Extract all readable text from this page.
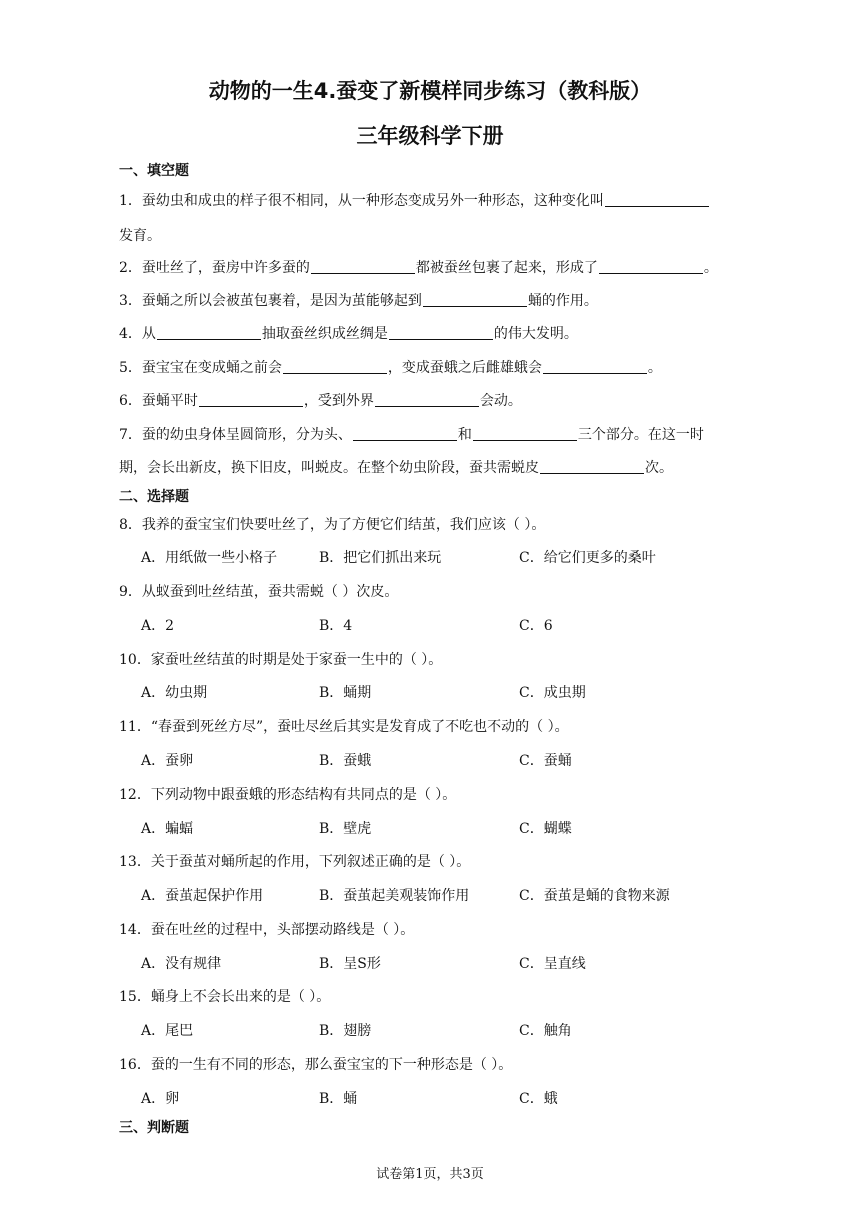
动物的一生4.蚕变了新模样同步练习（教科版）
三年级科学下册
一、填空题
1．蚕幼虫和成虫的样子很不相同，从一种形态变成另外一种形态，这种变化叫
发育。
2．蚕吐丝了，蚕房中许多蚕的	都被蚕丝包裹了起来，形成了	。
3．蚕蛹之所以会被茧包裹着，是因为茧能够起到	蛹的作用。
4．从	抽取蚕丝织成丝绸是	的伟大发明。
5．蚕宝宝在变成蛹之前会	，变成蚕蛾之后雌雄蛾会	。
6．蚕蛹平时	，受到外界	会动。
7．蚕的幼虫身体呈圆筒形，分为头、	和	三个部分。在这一时
期，会长出新皮，换下旧皮，叫蜕皮。在整个幼虫阶段，蚕共需蜕皮	次。
二、选择题
8．我养的蚕宝宝们快要吐丝了，为了方便它们结茧，我们应该（ ）。
A．用纸做一些小格子	B．把它们抓出来玩	C．给它们更多的桑叶
9．从蚁蚕到吐丝结茧，蚕共需蜕（ ）次皮。
A．2	B．4	C．6
10．家蚕吐丝结茧的时期是处于家蚕一生中的（ ）。
A．幼虫期	B．蛹期	C．成虫期
11．“春蚕到死丝方尽”，蚕吐尽丝后其实是发育成了不吃也不动的（ ）。
A．蚕卵	B．蚕蛾	C．蚕蛹
12．下列动物中跟蚕蛾的形态结构有共同点的是（ ）。
A．蝙蝠	B．壁虎	C．蝴蝶
13．关于蚕茧对蛹所起的作用，下列叙述正确的是（ ）。
A．蚕茧起保护作用	B．蚕茧起美观装饰作用	C．蚕茧是蛹的食物来源
14．蚕在吐丝的过程中，头部摆动路线是（ ）。
A．没有规律	B．呈S形	C．呈直线
15．蛹身上不会长出来的是（ ）。
A．尾巴	B．翅膀	C．触角
16．蚕的一生有不同的形态，那么蚕宝宝的下一种形态是（ ）。
A．卵	B．蛹	C．蛾
三、判断题
试卷第1页，共3页
